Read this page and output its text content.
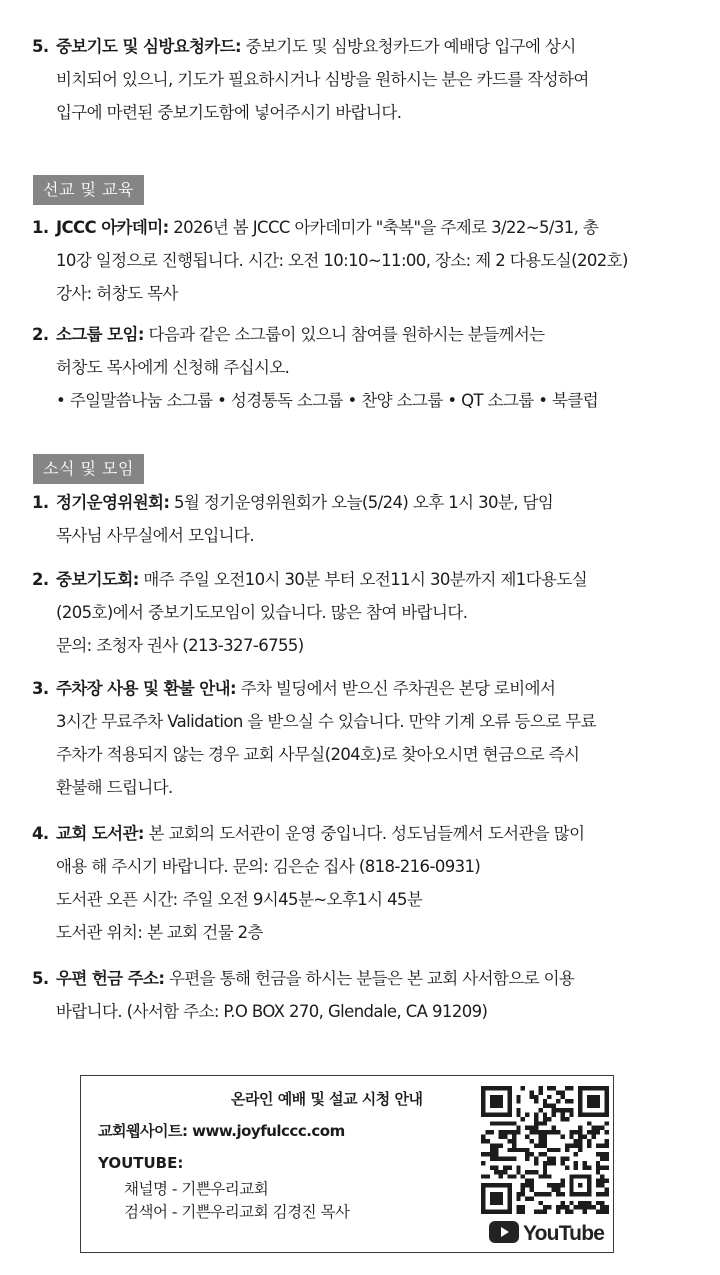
5. 중보기도 및 심방요청카드: 중보기도 및 심방요청카드가 예배당 입구에 상시
비치되어 있으니, 기도가 필요하시거나 심방을 원하시는 분은 카드를 작성하여
입구에 마련된 중보기도함에 넣어주시기 바랍니다.
선교 및 교육
1. JCCC 아카데미: 2026년 봄 JCCC 아카데미가 "축복"을 주제로 3/22~5/31, 총
10강 일정으로 진행됩니다. 시간: 오전 10:10~11:00, 장소: 제 2 다용도실(202호)
강사: 허창도 목사
2. 소그룹 모임: 다음과 같은 소그룹이 있으니 참여를 원하시는 분들께서는
허창도 목사에게 신청해 주십시오.
• 주일말씀나눔 소그룹 • 성경통독 소그룹 • 찬양 소그룹 • QT 소그룹 • 북클럽
소식 및 모임
1. 정기운영위원회: 5월 정기운영위원회가 오늘(5/24) 오후 1시 30분, 담임
목사님 사무실에서 모입니다.
2. 중보기도회: 매주 주일 오전10시 30분 부터 오전11시 30분까지 제1다용도실
(205호)에서 중보기도모임이 있습니다. 많은 참여 바랍니다.
문의: 조청자 권사 (213-327-6755)
3. 주차장 사용 및 환불 안내: 주차 빌딩에서 받으신 주차권은 본당 로비에서
3시간 무료주차 Validation 을 받으실 수 있습니다. 만약 기계 오류 등으로 무료
주차가 적용되지 않는 경우 교회 사무실(204호)로 찾아오시면 현금으로 즉시
환불해 드립니다.
4. 교회 도서관: 본 교회의 도서관이 운영 중입니다. 성도님들께서 도서관을 많이
애용 해 주시기 바랍니다. 문의: 김은순 집사 (818-216-0931)
도서관 오픈 시간: 주일 오전 9시45분~오후1시 45분
도서관 위치: 본 교회 건물 2층
5. 우편 헌금 주소: 우편을 통해 헌금을 하시는 분들은 본 교회 사서함으로 이용
바랍니다. (사서함 주소: P.O BOX 270, Glendale, CA 91209)
온라인 예배 및 설교 시청 안내
교회웹사이트: www.joyfulccc.com
YOUTUBE:
채널명 - 기쁜우리교회
검색어 - 기쁜우리교회 김경진 목사
YouTube
